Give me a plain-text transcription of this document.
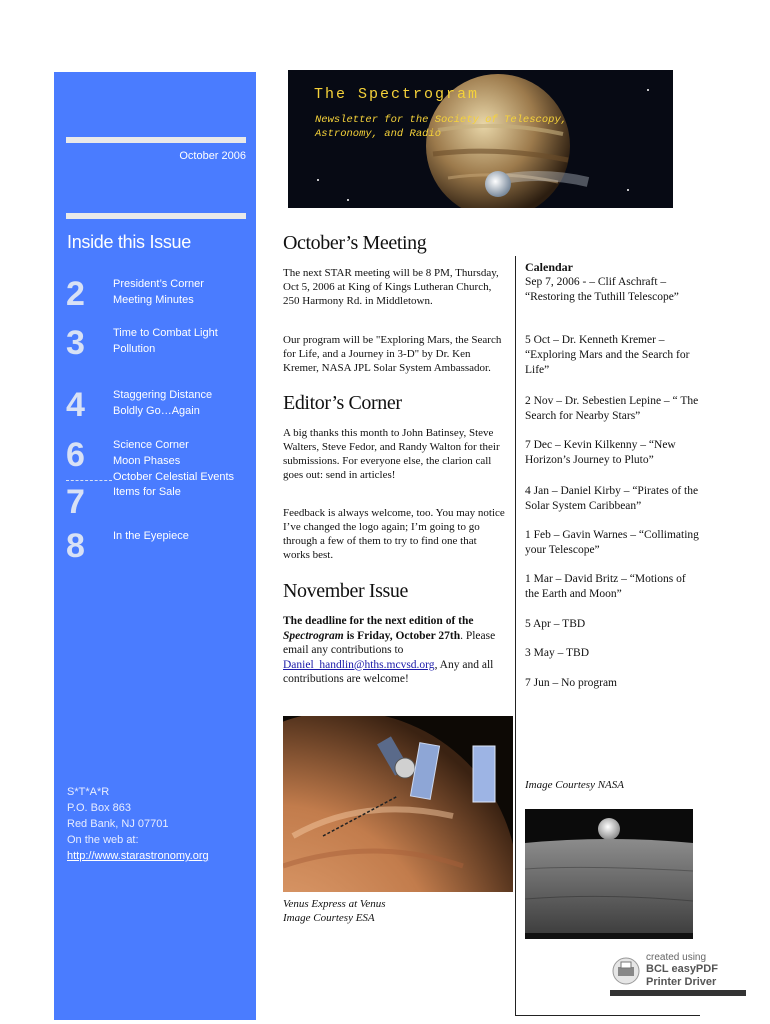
October 2006
Inside this Issue
2	President’s Corner
Meeting Minutes
3	Time to Combat Light
Pollution
4	Staggering Distance
Boldly Go…Again
6	Science Corner
Moon Phases
October Celestial Events
7	Items for Sale
8	In the Eyepiece
S*T*A*R
P.O. Box 863
Red Bank, NJ 07701
On the web at:
http://www.starastronomy.org
The Spectrogram
Newsletter for the Society of Telescopy, Astronomy, and Radio
October’s Meeting
The next STAR meeting will be 8 PM, Thursday, Oct 5, 2006 at King of Kings Lutheran Church, 250 Harmony Rd. in Middletown.
Our program will be "Exploring Mars, the Search for Life, and a Journey in 3-D" by Dr. Ken Kremer, NASA JPL Solar System Ambassador.
Editor’s Corner
A big thanks this month to John Batinsey, Steve Walters, Steve Fedor, and Randy Walton for their submissions. For everyone else, the clarion call goes out: send in articles!
Feedback is always welcome, too. You may notice I’ve changed the logo again; I’m going to go through a few of them to try to find one that works best.
November Issue
The deadline for the next edition of the Spectrogram is Friday, October 27th. Please email any contributions to Daniel_handlin@hths.mcvsd.org, Any and all contributions are welcome!
Calendar
Sep 7, 2006 - – Clif Aschraft – “Restoring the Tuthill Telescope”
5 Oct – Dr. Kenneth Kremer – “Exploring Mars and the Search for Life”
2 Nov – Dr. Sebestien Lepine – “ The Search for Nearby Stars”
7 Dec – Kevin Kilkenny – “New Horizon’s Journey to Pluto”
4 Jan – Daniel Kirby – “Pirates of the Solar System Caribbean”
1 Feb – Gavin Warnes – “Collimating your Telescope”
1 Mar – David Britz – “Motions of the Earth and Moon”
5 Apr – TBD
3 May – TBD
7 Jun – No program
Image Courtesy NASA
Venus Express at Venus
Image Courtesy ESA
created using
BCL easyPDF
Printer Driver
